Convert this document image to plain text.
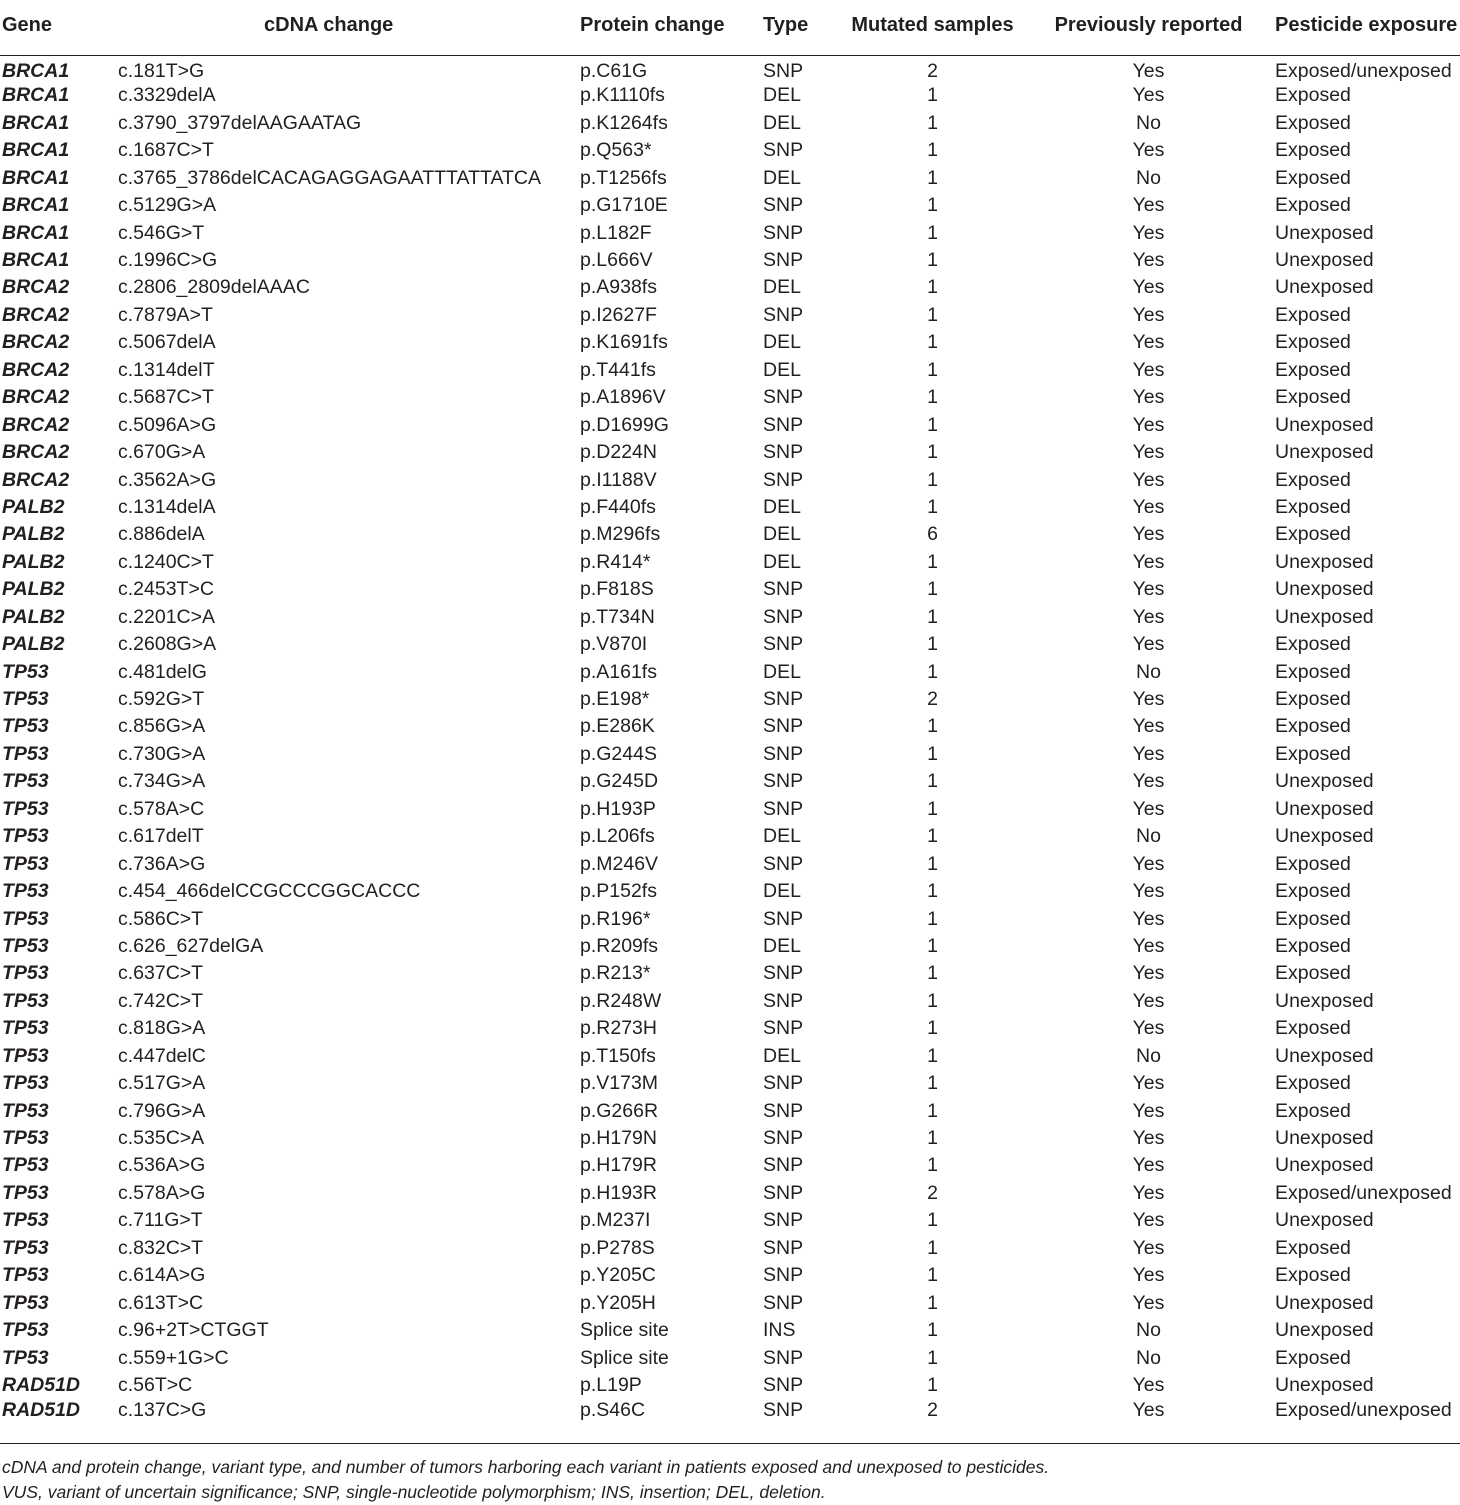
Gene	cDNA change	Protein change	Type	Mutated samples	Previously reported	Pesticide exposure
BRCA1	c.181T>G	p.C61G	SNP	2	Yes	Exposed/unexposed
BRCA1	c.3329delA	p.K1110fs	DEL	1	Yes	Exposed
BRCA1	c.3790_3797delAAGAATAG	p.K1264fs	DEL	1	No	Exposed
BRCA1	c.1687C>T	p.Q563*	SNP	1	Yes	Exposed
BRCA1	c.3765_3786delCACAGAGGAGAATTTATTATCA	p.T1256fs	DEL	1	No	Exposed
BRCA1	c.5129G>A	p.G1710E	SNP	1	Yes	Exposed
BRCA1	c.546G>T	p.L182F	SNP	1	Yes	Unexposed
BRCA1	c.1996C>G	p.L666V	SNP	1	Yes	Unexposed
BRCA2	c.2806_2809delAAAC	p.A938fs	DEL	1	Yes	Unexposed
BRCA2	c.7879A>T	p.I2627F	SNP	1	Yes	Exposed
BRCA2	c.5067delA	p.K1691fs	DEL	1	Yes	Exposed
BRCA2	c.1314delT	p.T441fs	DEL	1	Yes	Exposed
BRCA2	c.5687C>T	p.A1896V	SNP	1	Yes	Exposed
BRCA2	c.5096A>G	p.D1699G	SNP	1	Yes	Unexposed
BRCA2	c.670G>A	p.D224N	SNP	1	Yes	Unexposed
BRCA2	c.3562A>G	p.I1188V	SNP	1	Yes	Exposed
PALB2	c.1314delA	p.F440fs	DEL	1	Yes	Exposed
PALB2	c.886delA	p.M296fs	DEL	6	Yes	Exposed
PALB2	c.1240C>T	p.R414*	DEL	1	Yes	Unexposed
PALB2	c.2453T>C	p.F818S	SNP	1	Yes	Unexposed
PALB2	c.2201C>A	p.T734N	SNP	1	Yes	Unexposed
PALB2	c.2608G>A	p.V870I	SNP	1	Yes	Exposed
TP53	c.481delG	p.A161fs	DEL	1	No	Exposed
TP53	c.592G>T	p.E198*	SNP	2	Yes	Exposed
TP53	c.856G>A	p.E286K	SNP	1	Yes	Exposed
TP53	c.730G>A	p.G244S	SNP	1	Yes	Exposed
TP53	c.734G>A	p.G245D	SNP	1	Yes	Unexposed
TP53	c.578A>C	p.H193P	SNP	1	Yes	Unexposed
TP53	c.617delT	p.L206fs	DEL	1	No	Unexposed
TP53	c.736A>G	p.M246V	SNP	1	Yes	Exposed
TP53	c.454_466delCCGCCCGGCACCC	p.P152fs	DEL	1	Yes	Exposed
TP53	c.586C>T	p.R196*	SNP	1	Yes	Exposed
TP53	c.626_627delGA	p.R209fs	DEL	1	Yes	Exposed
TP53	c.637C>T	p.R213*	SNP	1	Yes	Exposed
TP53	c.742C>T	p.R248W	SNP	1	Yes	Unexposed
TP53	c.818G>A	p.R273H	SNP	1	Yes	Exposed
TP53	c.447delC	p.T150fs	DEL	1	No	Unexposed
TP53	c.517G>A	p.V173M	SNP	1	Yes	Exposed
TP53	c.796G>A	p.G266R	SNP	1	Yes	Exposed
TP53	c.535C>A	p.H179N	SNP	1	Yes	Unexposed
TP53	c.536A>G	p.H179R	SNP	1	Yes	Unexposed
TP53	c.578A>G	p.H193R	SNP	2	Yes	Exposed/unexposed
TP53	c.711G>T	p.M237I	SNP	1	Yes	Unexposed
TP53	c.832C>T	p.P278S	SNP	1	Yes	Exposed
TP53	c.614A>G	p.Y205C	SNP	1	Yes	Exposed
TP53	c.613T>C	p.Y205H	SNP	1	Yes	Unexposed
TP53	c.96+2T>CTGGT	Splice site	INS	1	No	Unexposed
TP53	c.559+1G>C	Splice site	SNP	1	No	Exposed
RAD51D	c.56T>C	p.L19P	SNP	1	Yes	Unexposed
RAD51D	c.137C>G	p.S46C	SNP	2	Yes	Exposed/unexposed

cDNA and protein change, variant type, and number of tumors harboring each variant in patients exposed and unexposed to pesticides.

VUS, variant of uncertain significance; SNP, single-nucleotide polymorphism; INS, insertion; DEL, deletion.
